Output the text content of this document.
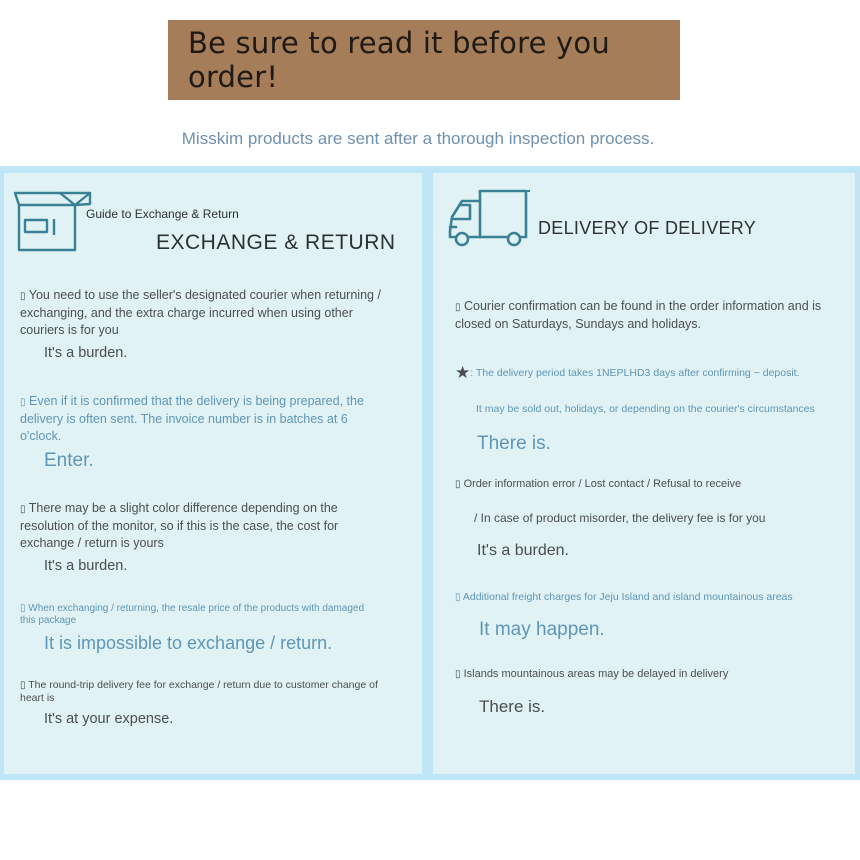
Be sure to read it before you order!
Misskim products are sent after a thorough inspection process.
Guide to Exchange & Return
EXCHANGE & RETURN
▯ You need to use the seller's designated courier when returning / exchanging, and the extra charge incurred when using other couriers is for you
It's a burden.
▯ Even if it is confirmed that the delivery is being prepared, the delivery is often sent. The invoice number is in batches at 6 o'clock.
Enter.
▯ There may be a slight color difference depending on the resolution of the monitor, so if this is the case, the cost for exchange / return is yours
It's a burden.
▯ When exchanging / returning, the resale price of the products with damaged this package
It is impossible to exchange / return.
▯ The round-trip delivery fee for exchange / return due to customer change of heart is
It's at your expense.
DELIVERY OF DELIVERY
▯ Courier confirmation can be found in the order information and is closed on Saturdays, Sundays and holidays.
★: The delivery period takes 1NEPLHD3 days after confirming ~ deposit.
It may be sold out, holidays, or depending on the courier's circumstances
There is.
▯ Order information error / Lost contact / Refusal to receive
/ In case of product misorder, the delivery fee is for you
It's a burden.
▯ Additional freight charges for Jeju Island and island mountainous areas
It may happen.
▯ Islands mountainous areas may be delayed in delivery
There is.
